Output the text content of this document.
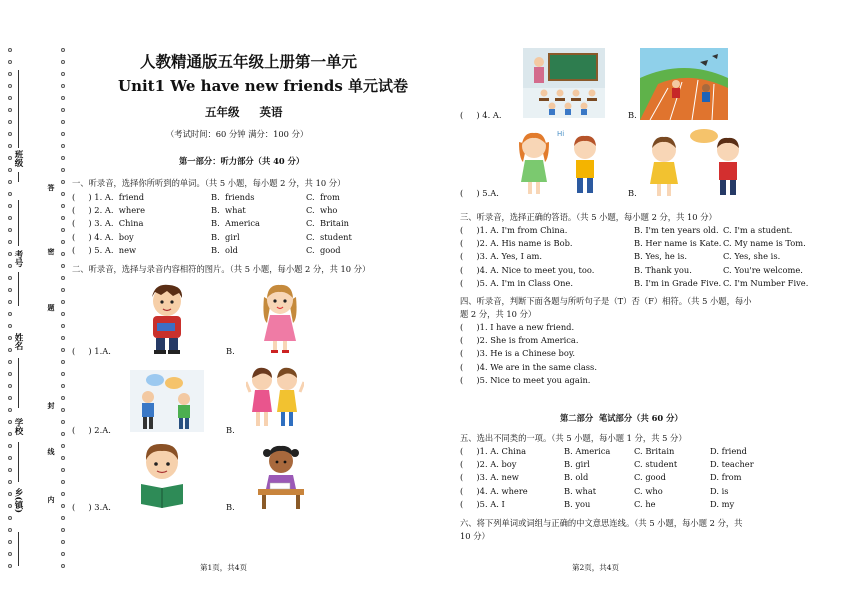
班级
考号
姓名
学校
乡(镇)
答
密
题
封
线
内
人教精通版五年级上册第一单元
Unit1 We have new friends 单元试卷
五年级     英语
（考试时间：60 分钟 满分：100 分）
第一部分：听力部分（共 40 分）
一、听录音，选择你所听到的单词。（共 5 小题，每小题 2 分，共 10 分）
(     ) 1. A.  friend	B.  friends	C.  from
(     ) 2. A.  where	B.  what	C.  who
(     ) 3. A.  China	B.  America	C.  Britain
(     ) 4. A.  boy	B.  girl	C.  student
(     ) 5. A.  new	B.  old	C.  good
二、听录音，选择与录音内容相符的图片。（共 5 小题，每小题 2 分，共 10 分）
(     ) 1.A.	B.
(     ) 2.A.	B.
(     ) 3.A.	B.
第1页，共4页
(     ) 4. A.	B.
(     ) 5.A.	B.
Hi
三、听录音，选择正确的答语。（共 5 小题，每小题 2 分，共 10 分）
(     )1. A. I'm from China.	B. I'm ten years old. C. I'm a student.
(     )2. A. His name is Bob.	B. Her name is Kate. C. My name is Tom.
(     )3. A. Yes, I am.	B. Yes, he is.	C. Yes, she is.
(     )4. A. Nice to meet you, too.	B. Thank you.	C. You're welcome.
(     )5. A. I'm in Class One.	B. I'm in Grade Five. C. I'm Number Five.
四、听录音，判断下面各题与所听句子是（T）否（F）相符。（共 5 小题，每小
题 2 分，共 10 分）
(     )1. I have a new friend.
(     )2. She is from America.
(     )3. He is a Chinese boy.
(     )4. We are in the same class.
(     )5. Nice to meet you again.
第二部分  笔试部分（共 60 分）
五、选出不同类的一项。（共 5 小题，每小题 1 分，共 5 分）
(     )1. A. China	B. America	C. Britain	D. friend
(     )2. A. boy	B. girl	C. student	D. teacher
(     )3. A. new	B. old	C. good	D. from
(     )4. A. where	B. what	C. who	D. is
(     )5. A. I	B. you	C. he	D. my
六、将下列单词或词组与正确的中文意思连线。（共 5 小题，每小题 2 分，共
10 分）
第2页，共4页
